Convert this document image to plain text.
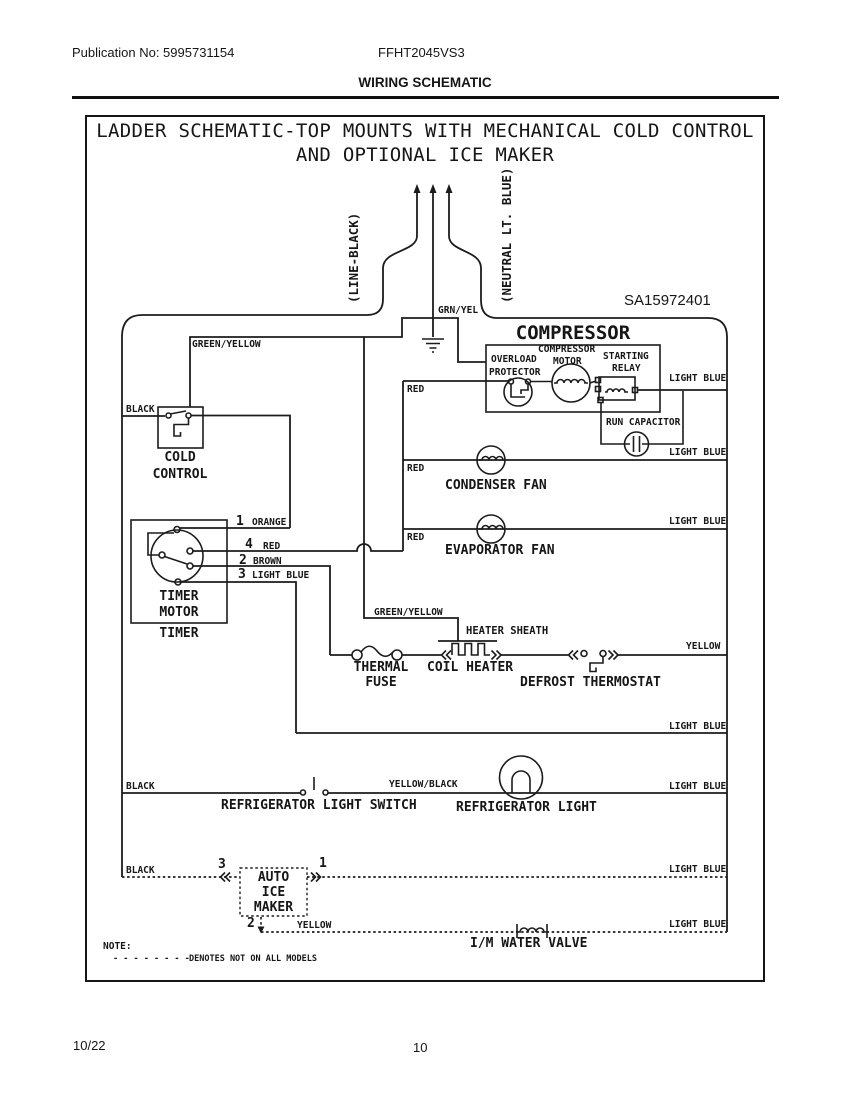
Publication No: 5995731154	FFHT2045VS3
WIRING SCHEMATIC
LADDER SCHEMATIC-TOP MOUNTS WITH MECHANICAL COLD CONTROL
AND OPTIONAL ICE MAKER
SA15972401
(LINE-BLACK)	(NEUTRAL LT. BLUE)
GRN/YEL
GREEN/YELLOW
GREEN/YELLOW
BLACK
BLACK
BLACK
RED
RED
RED
LIGHT BLUE
LIGHT BLUE
LIGHT BLUE
LIGHT BLUE
LIGHT BLUE
LIGHT BLUE
LIGHT BLUE
YELLOW
YELLOW
YELLOW/BLACK
COMPRESSOR
OVERLOAD
PROTECTOR
COMPRESSOR
MOTOR STARTING
RELAY
RUN CAPACITOR
COLD
CONTROL
CONDENSER FAN
EVAPORATOR FAN
TIMER
MOTOR
TIMER
1 ORANGE
4 RED
2 BROWN
3 LIGHT BLUE
HEATER SHEATH
THERMAL
FUSE
COIL HEATER
DEFROST THERMOSTAT
REFRIGERATOR LIGHT SWITCH	REFRIGERATOR LIGHT
3	1
2
AUTO
ICE
MAKER
I/M WATER VALVE
NOTE:
- - - - - - - - DENOTES NOT ON ALL MODELS
10/22	10
